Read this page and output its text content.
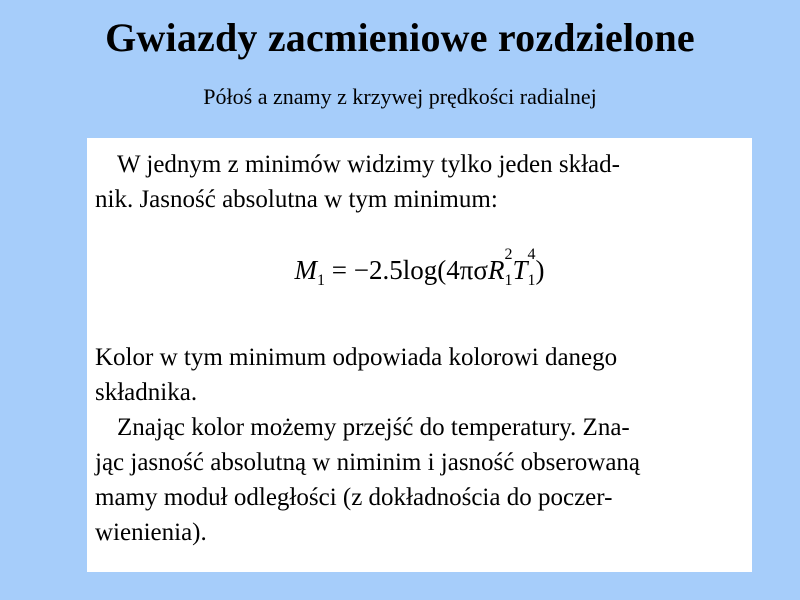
Gwiazdy zacmieniowe rozdzielone
Półoś a znamy z krzywej prędkości radialnej
W jednym z minimów widzimy tylko jeden skład-
nik. Jasność absolutna w tym minimum:
M1 = −2.5log(4πσR
2
1T
4
1)
Kolor w tym minimum odpowiada kolorowi danego
składnika.
Znając kolor możemy przejść do temperatury. Zna-
jąc jasność absolutną w niminim i jasność obserowaną
mamy moduł odległości (z dokładnościa do poczer-
wienienia).
